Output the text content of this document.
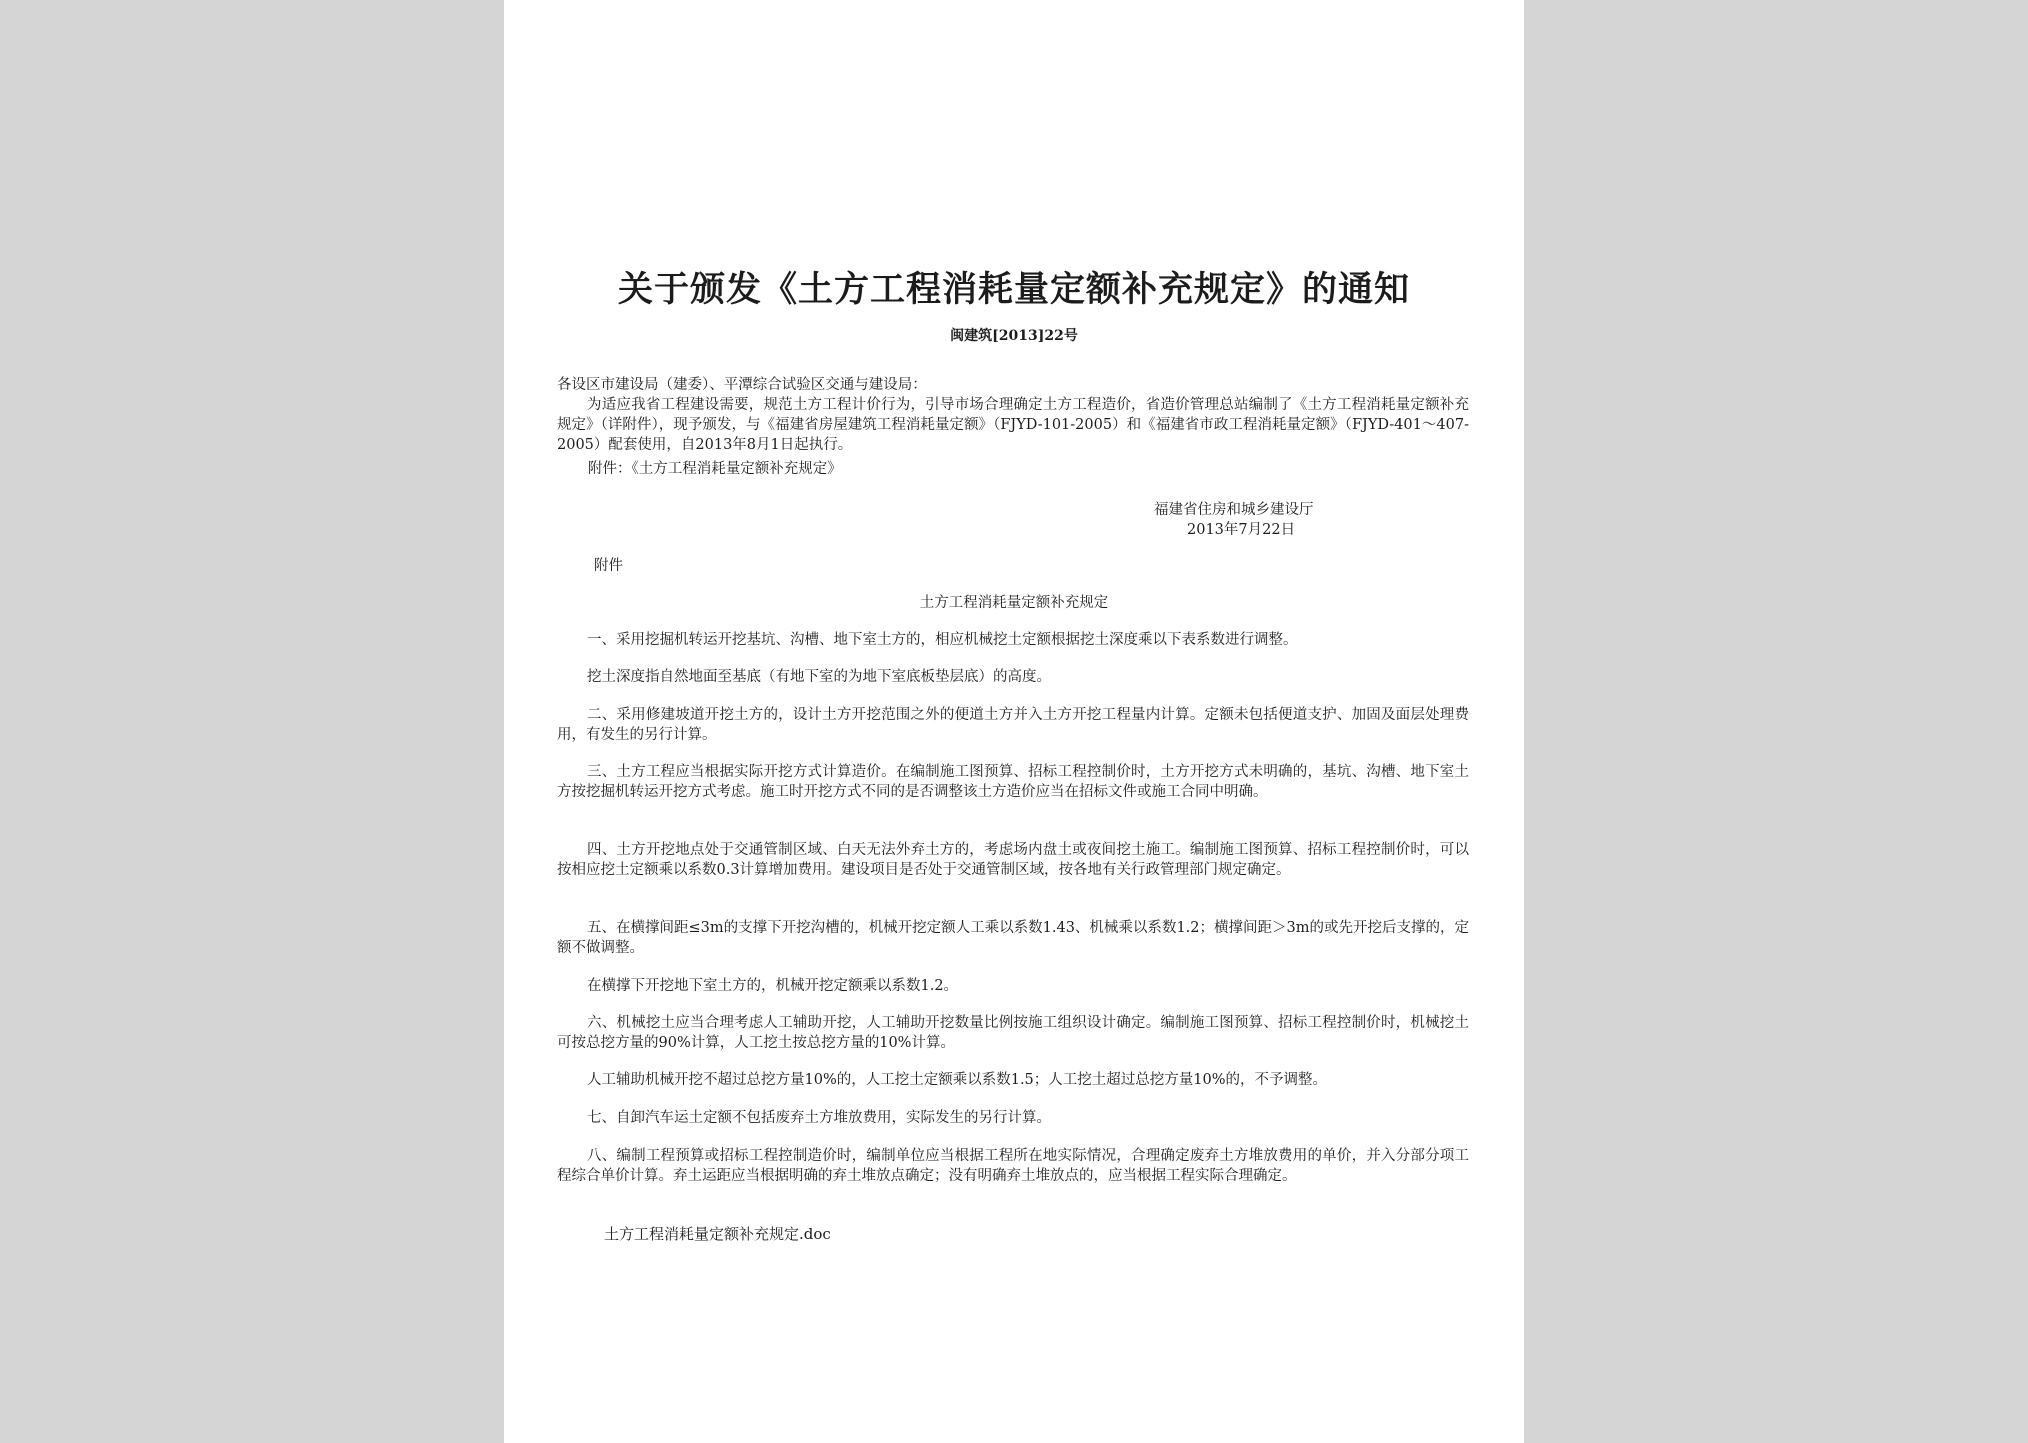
关于颁发《土方工程消耗量定额补充规定》的通知
闽建筑[2013]22号
各设区市建设局（建委）、平潭综合试验区交通与建设局：
为适应我省工程建设需要，规范土方工程计价行为，引导市场合理确定土方工程造价，省造价管理总站编制了《土方工程消耗量定额补充规定》（详附件），现予颁发，与《福建省房屋建筑工程消耗量定额》（FJYD-101-2005）和《福建省市政工程消耗量定额》（FJYD-401～407-2005）配套使用，自2013年8月1日起执行。
附件：《土方工程消耗量定额补充规定》
福建省住房和城乡建设厅
2013年7月22日
附件
土方工程消耗量定额补充规定
一、采用挖掘机转运开挖基坑、沟槽、地下室土方的，相应机械挖土定额根据挖土深度乘以下表系数进行调整。
挖土深度指自然地面至基底（有地下室的为地下室底板垫层底）的高度。
二、采用修建坡道开挖土方的，设计土方开挖范围之外的便道土方并入土方开挖工程量内计算。定额未包括便道支护、加固及面层处理费用，有发生的另行计算。
三、土方工程应当根据实际开挖方式计算造价。在编制施工图预算、招标工程控制价时，土方开挖方式未明确的，基坑、沟槽、地下室土方按挖掘机转运开挖方式考虑。施工时开挖方式不同的是否调整该土方造价应当在招标文件或施工合同中明确。
四、土方开挖地点处于交通管制区域、白天无法外弃土方的，考虑场内盘土或夜间挖土施工。编制施工图预算、招标工程控制价时，可以按相应挖土定额乘以系数0.3计算增加费用。建设项目是否处于交通管制区域，按各地有关行政管理部门规定确定。
五、在横撑间距≤3m的支撑下开挖沟槽的，机械开挖定额人工乘以系数1.43、机械乘以系数1.2；横撑间距＞3m的或先开挖后支撑的，定额不做调整。
在横撑下开挖地下室土方的，机械开挖定额乘以系数1.2。
六、机械挖土应当合理考虑人工辅助开挖，人工辅助开挖数量比例按施工组织设计确定。编制施工图预算、招标工程控制价时，机械挖土可按总挖方量的90%计算，人工挖土按总挖方量的10%计算。
人工辅助机械开挖不超过总挖方量10%的，人工挖土定额乘以系数1.5；人工挖土超过总挖方量10%的，不予调整。
七、自卸汽车运土定额不包括废弃土方堆放费用，实际发生的另行计算。
八、编制工程预算或招标工程控制造价时，编制单位应当根据工程所在地实际情况，合理确定废弃土方堆放费用的单价，并入分部分项工程综合单价计算。弃土运距应当根据明确的弃土堆放点确定；没有明确弃土堆放点的，应当根据工程实际合理确定。
土方工程消耗量定额补充规定.doc
